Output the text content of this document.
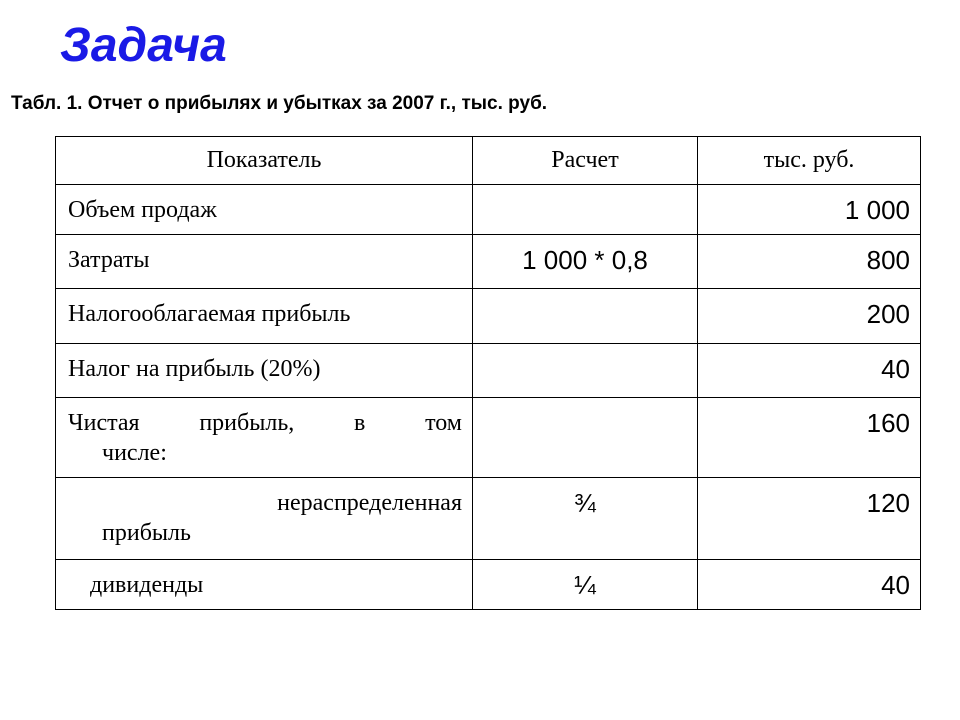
Задача

Табл. 1. Отчет о прибылях и убытках за 2007 г., тыс. руб.

Показатель	Расчет	тыс. руб.
Объем продаж		1 000
Затраты	1 000 * 0,8	800
Налогооблагаемая прибыль		200
Налог на прибыль (20%)		40

Чистая прибыль, в том
числе:		160

нераспределенная
прибыль	¾	120
дивиденды	¼	40
